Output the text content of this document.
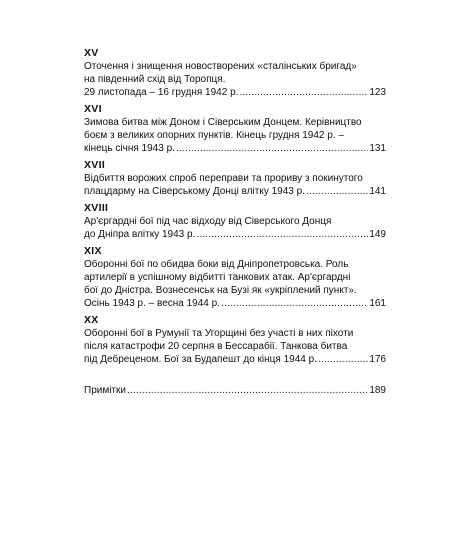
XV
Оточення і знищення новостворених «сталінських бригад»
на південний схід від Торопця.
29 листопада – 16 грудня 1942 р. .....	123
XVI
Зимова битва між Доном і Сіверським Донцем. Керівництво
боєм з великих опорних пунктів. Кінець грудня 1942 р. –
кінець січня 1943 р. .....	131
XVII
Відбиття ворожих спроб переправи та прориву з покинутого
плацдарму на Сіверському Донці влітку 1943 р. .....	141
XVIII
Ар'єргардні бої під час відходу від Сіверського Донця
до Дніпра влітку 1943 р. .....	149
XIX
Оборонні бої по обидва боки від Дніпропетровська. Роль
артилерії в успішному відбитті танкових атак. Ар'єргардні
бої до Дністра. Вознесенськ на Бузі як «укріплений пункт».
Осінь 1943 р. – весна 1944 р. .....	161
XX
Оборонні бої в Румунії та Угорщині без участі в них піхоти
після катастрофи 20 серпня в Бессарабії. Танкова битва
під Дебреценом. Бої за Будапешт до кінця 1944 р. .....	176
Примітки .....	189
